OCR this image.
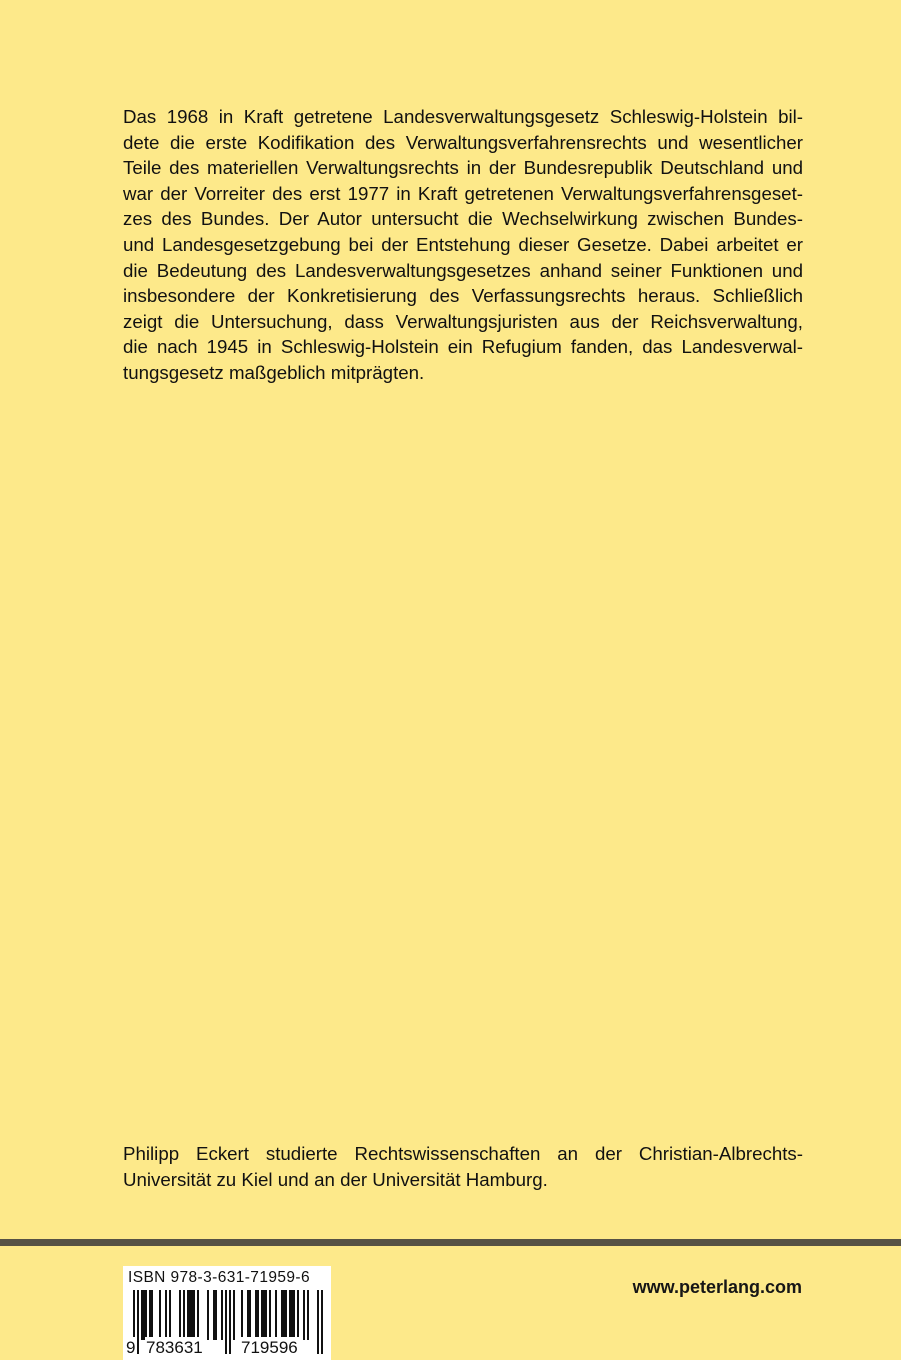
Das 1968 in Kraft getretene Landesverwaltungsgesetz Schleswig-Holstein bil-
dete die erste Kodifikation des Verwaltungsverfahrensrechts und wesentlicher
Teile des materiellen Verwaltungsrechts in der Bundesrepublik Deutschland und
war der Vorreiter des erst 1977 in Kraft getretenen Verwaltungsverfahrensgeset-
zes des Bundes. Der Autor untersucht die Wechselwirkung zwischen Bundes-
und Landesgesetzgebung bei der Entstehung dieser Gesetze. Dabei arbeitet er
die Bedeutung des Landesverwaltungsgesetzes anhand seiner Funktionen und
insbesondere der Konkretisierung des Verfassungsrechts heraus. Schließlich
zeigt die Untersuchung, dass Verwaltungsjuristen aus der Reichsverwaltung,
die nach 1945 in Schleswig-Holstein ein Refugium fanden, das Landesverwal-
tungsgesetz maßgeblich mitprägten.
Philipp Eckert studierte Rechtswissenschaften an der Christian-Albrechts-
Universität zu Kiel und an der Universität Hamburg.
ISBN 978-3-631-71959-6
9 783631 719596
www.peterlang.com
